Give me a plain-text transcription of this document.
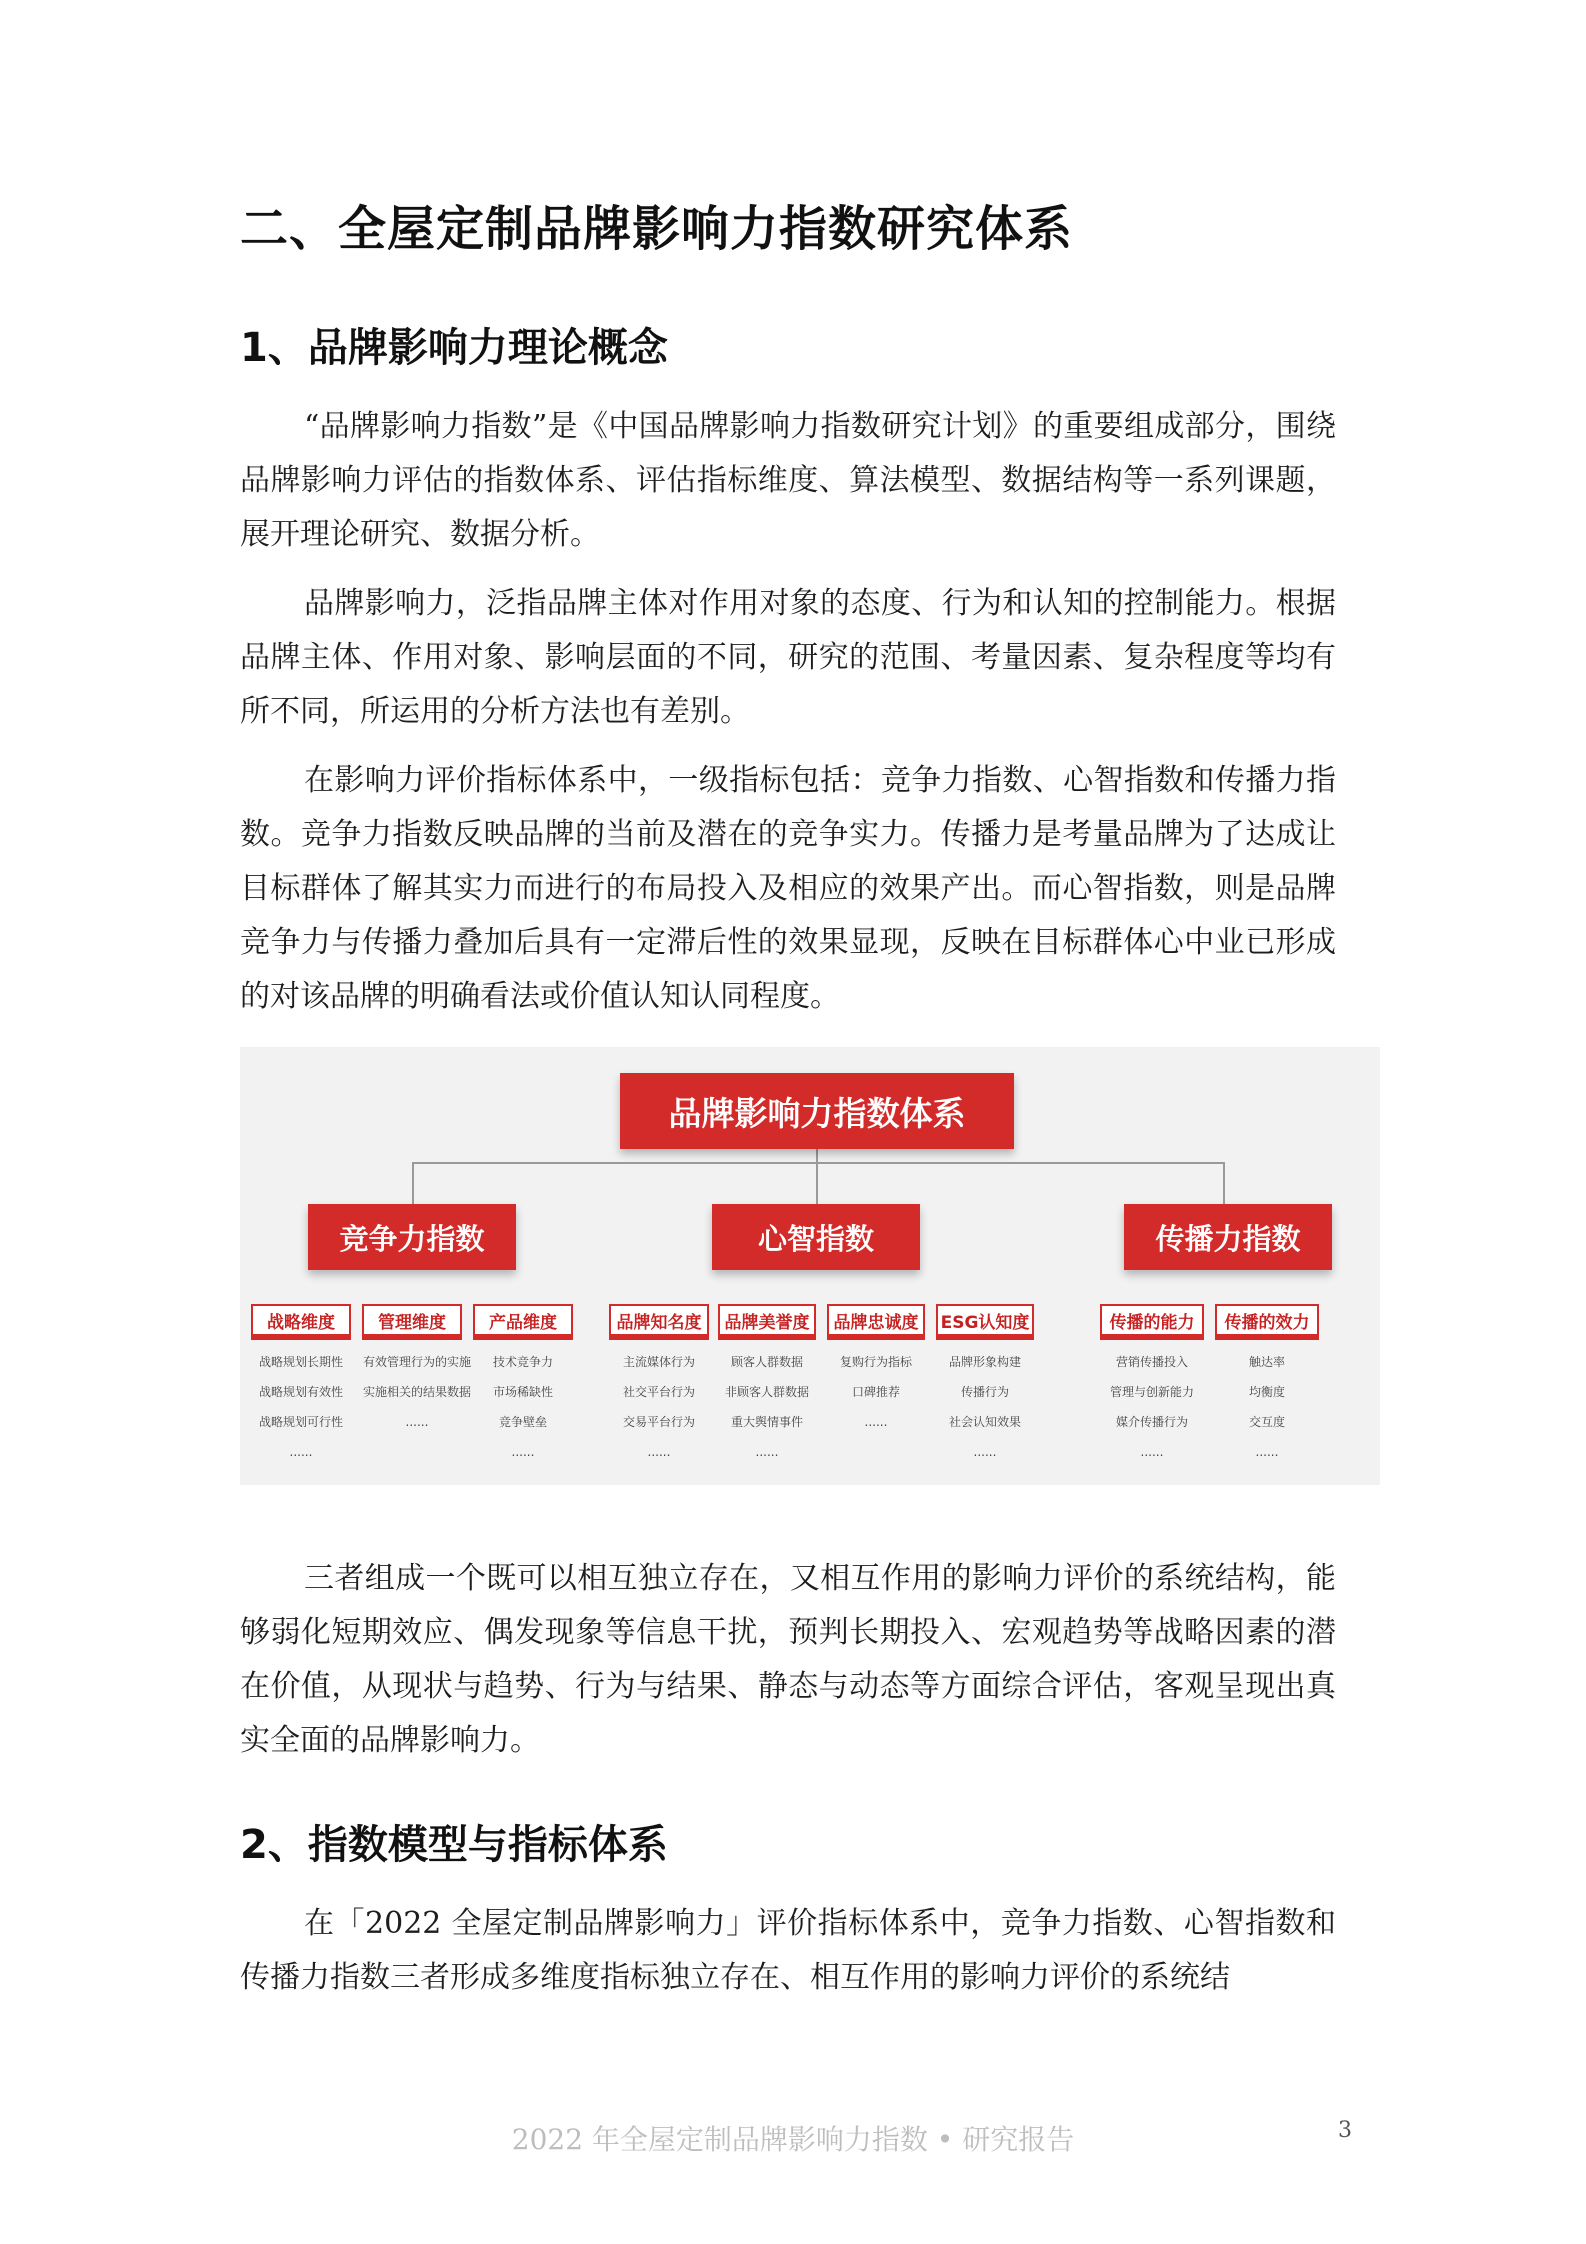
二、全屋定制品牌影响力指数研究体系
1、品牌影响力理论概念

“品牌影响力指数”是《中国品牌影响力指数研究计划》的重要组成部分，围绕品牌影响力评估的指数体系、评估指标维度、算法模型、数据结构等一系列课题，展开理论研究、数据分析。

品牌影响力，泛指品牌主体对作用对象的态度、行为和认知的控制能力。根据品牌主体、作用对象、影响层面的不同，研究的范围、考量因素、复杂程度等均有所不同，所运用的分析方法也有差别。

在影响力评价指标体系中，一级指标包括：竞争力指数、心智指数和传播力指数。竞争力指数反映品牌的当前及潜在的竞争实力。传播力是考量品牌为了达成让目标群体了解其实力而进行的布局投入及相应的效果产出。而心智指数，则是品牌竞争力与传播力叠加后具有一定滞后性的效果显现，反映在目标群体心中业已形成的对该品牌的明确看法或价值认知认同程度。

品牌影响力指数体系
竞争力指数	心智指数	传播力指数
战略维度	管理维度	产品维度	品牌知名度	品牌美誉度	品牌忠诚度	ESG认知度	传播的能力	传播的效力
战略规划长期性
战略规划有效性
战略规划可行性
......
有效管理行为的实施
实施相关的结果数据
......
技术竞争力
市场稀缺性
竞争壁垒
......
主流媒体行为
社交平台行为
交易平台行为
......
顾客人群数据
非顾客人群数据
重大舆情事件
......
复购行为指标
口碑推荐
......
品牌形象构建
传播行为
社会认知效果
......
营销传播投入
管理与创新能力
媒介传播行为
......
触达率
均衡度
交互度
......

三者组成一个既可以相互独立存在，又相互作用的影响力评价的系统结构，能够弱化短期效应、偶发现象等信息干扰，预判长期投入、宏观趋势等战略因素的潜在价值，从现状与趋势、行为与结果、静态与动态等方面综合评估，客观呈现出真实全面的品牌影响力。

2、指数模型与指标体系

在「2022 全屋定制品牌影响力」评价指标体系中，竞争力指数、心智指数和传播力指数三者形成多维度指标独立存在、相互作用的影响力评价的系统结

2022 年全屋定制品牌影响力指数 • 研究报告	3
